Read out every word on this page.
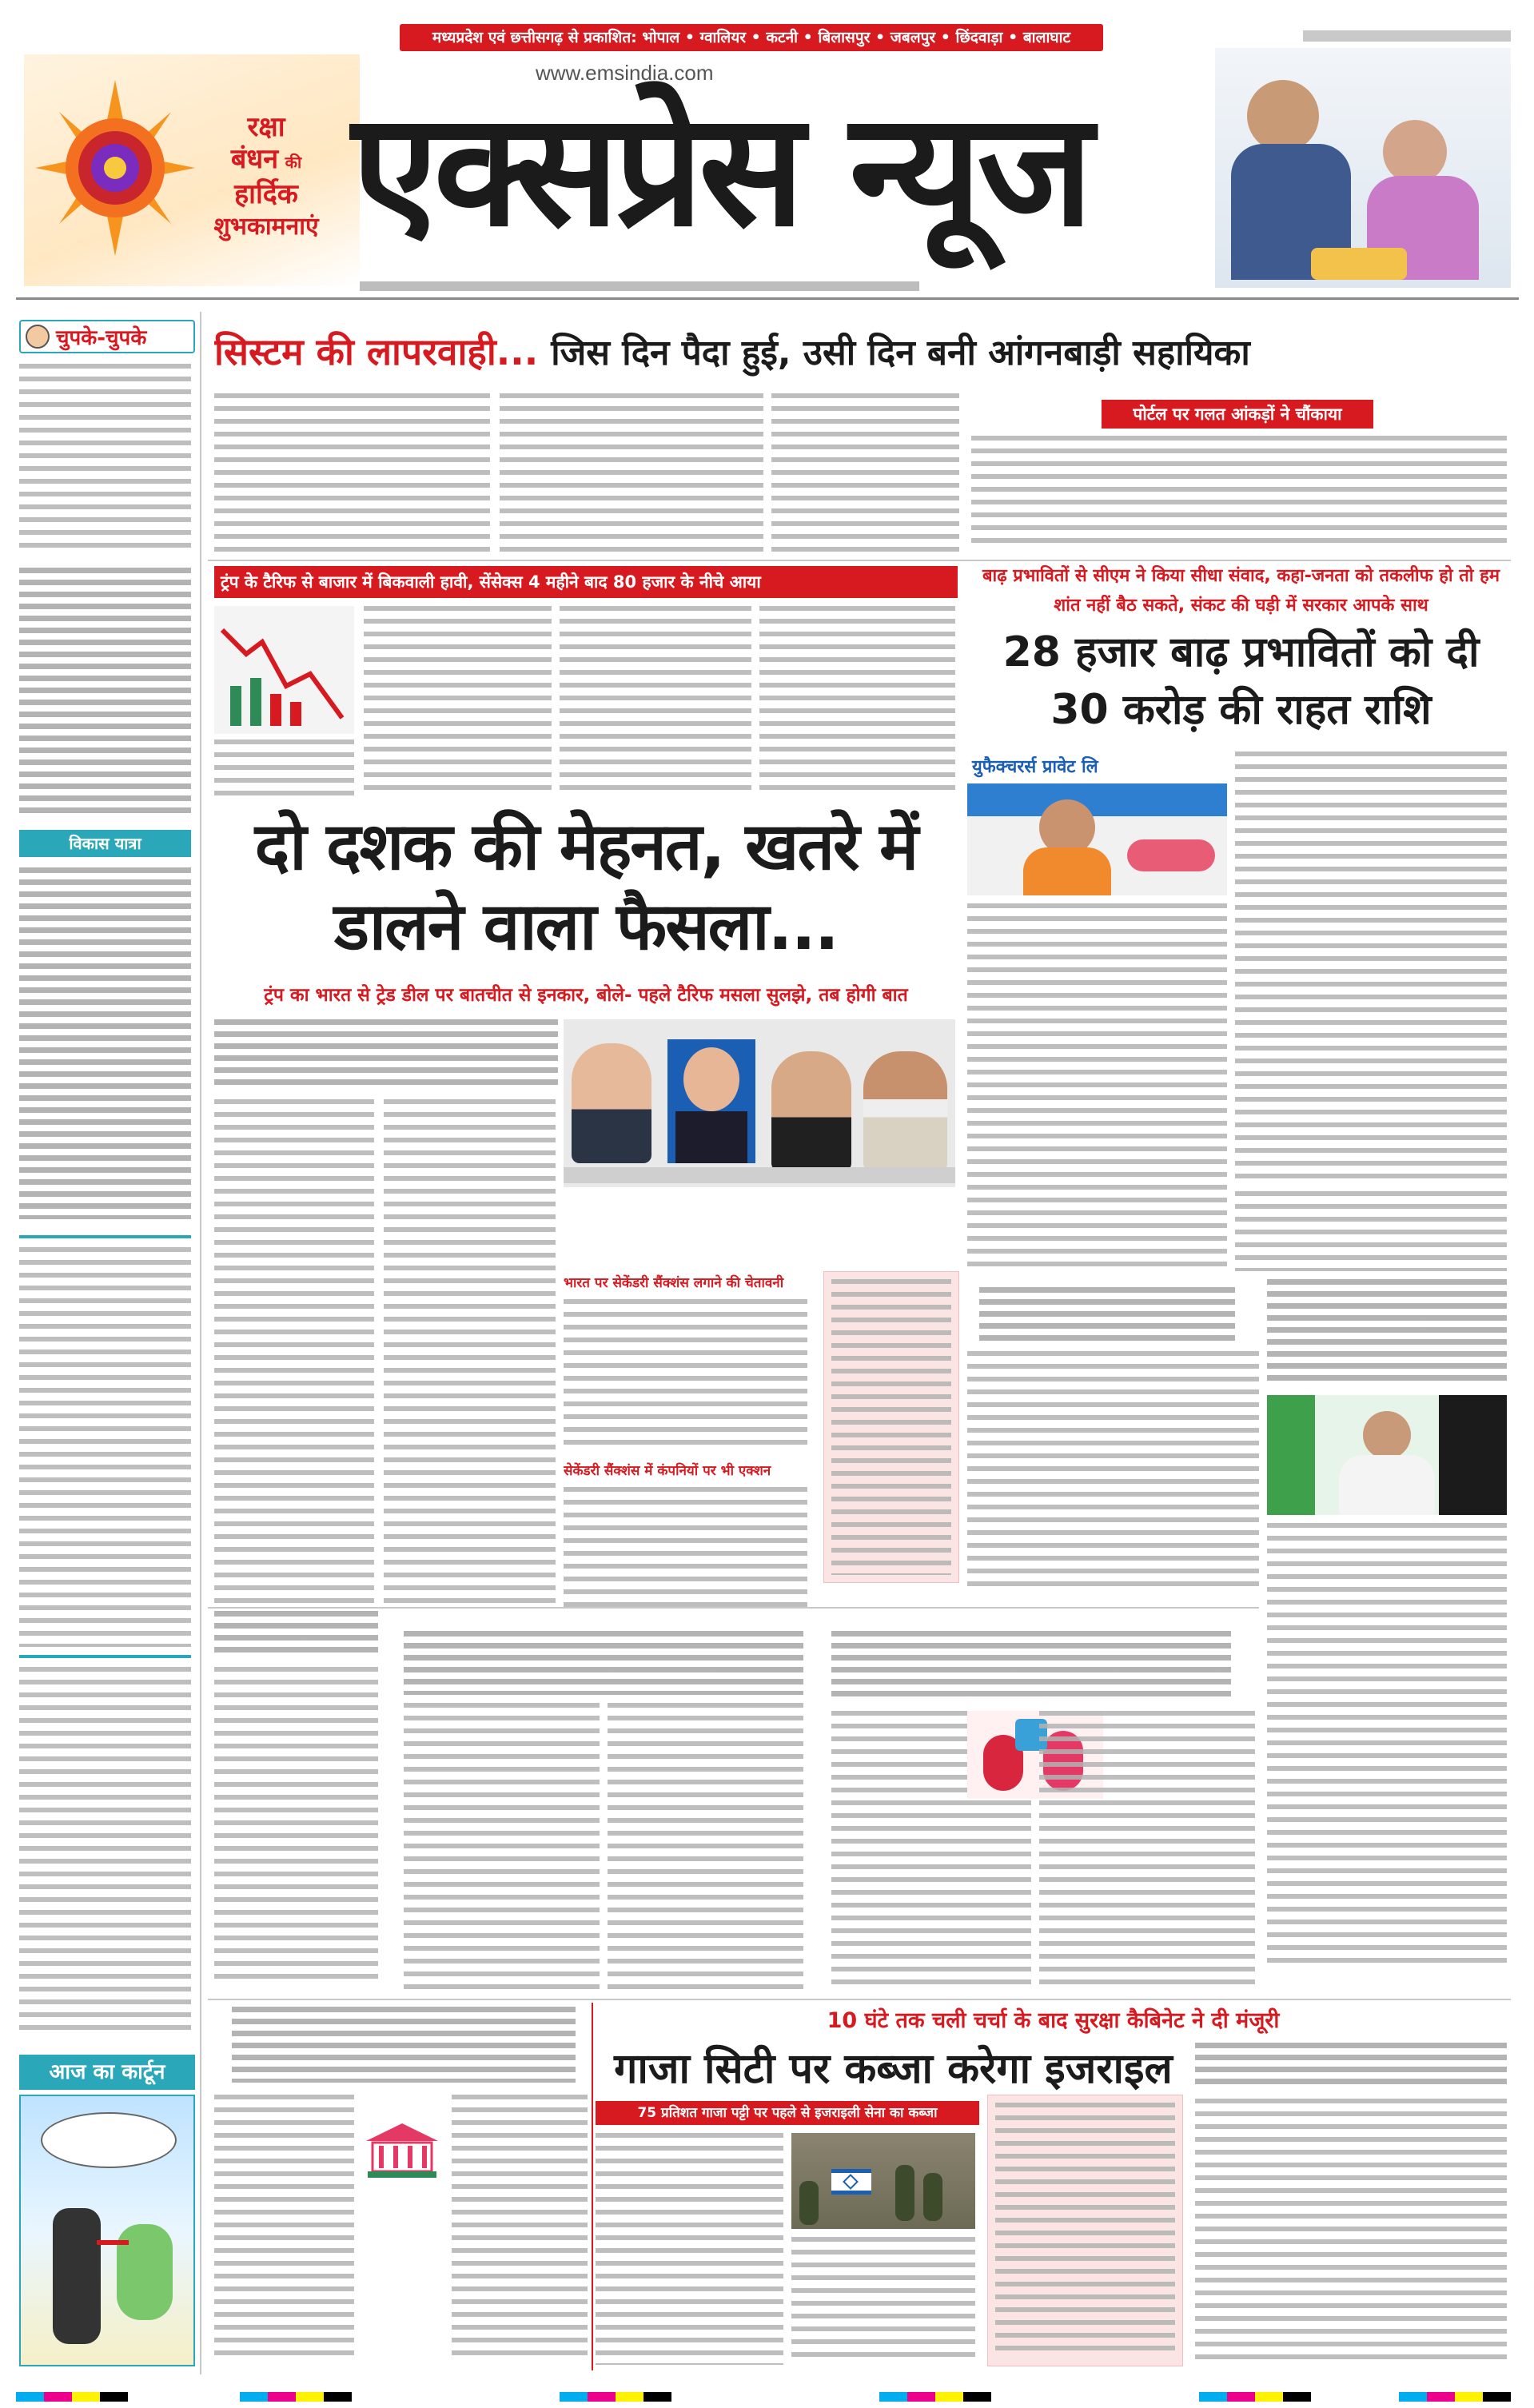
मध्यप्रदेश एवं छत्तीसगढ़ से प्रकाशित: भोपाल • ग्वालियर • कटनी • बिलासपुर • जबलपुर • छिंदवाड़ा • बालाघाट
रक्षा
बंधन की
हार्दिक
शुभकामनाएं
www.emsindia.com
एक्सप्रेस न्यूज
चुपके-चुपके
विकास यात्रा
आज का कार्टून
सिस्टम की लापरवाही... जिस दिन पैदा हुई, उसी दिन बनी आंगनबाड़ी सहायिका
पोर्टल पर गलत आंकड़ों ने चौंकाया
ट्रंप के टैरिफ से बाजार में बिकवाली हावी, सेंसेक्स 4 महीने बाद 80 हजार के नीचे आया	बाढ़ प्रभावितों से सीएम ने किया सीधा संवाद, कहा-जनता को तकलीफ हो तो हम शांत नहीं बैठ सकते, संकट की घड़ी में सरकार आपके साथ
28 हजार बाढ़ प्रभावितों को दी 30 करोड़ की राहत राशि
युफैक्चरर्स प्रावेट लि
दो दशक की मेहनत, खतरे में डालने वाला फैसला...
ट्रंप का भारत से ट्रेड डील पर बातचीत से इनकार, बोले- पहले टैरिफ मसला सुलझे, तब होगी बात
भारत पर सेकेंडरी सैंक्शंस लगाने की चेतावनी
सेकेंडरी सैंक्शंस में कंपनियों पर भी एक्शन
10 घंटे तक चली चर्चा के बाद सुरक्षा कैबिनेट ने दी मंजूरी
गाजा सिटी पर कब्जा करेगा इजराइल
75 प्रतिशत गाजा पट्टी पर पहले से इजराइली सेना का कब्जा
